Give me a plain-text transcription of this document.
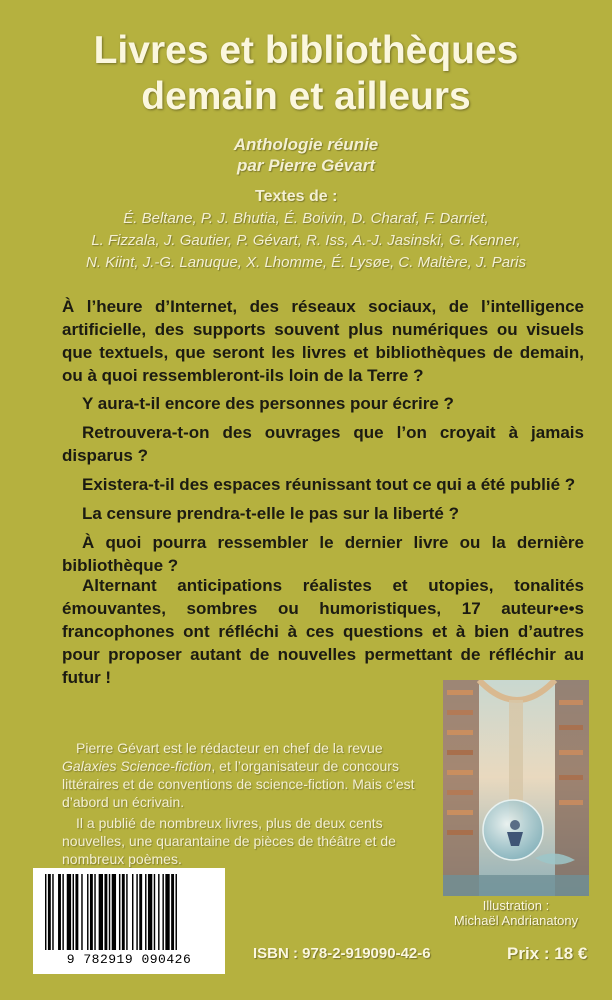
Livres et bibliothèques
demain et ailleurs
Anthologie réunie
par Pierre Gévart
Textes de :
É. Beltane, P. J. Bhutia, É. Boivin, D. Charaf, F. Darriet,
L. Fizzala, J. Gautier, P. Gévart, R. Iss, A.-J. Jasinski, G. Kenner,
N. Kiint, J.-G. Lanuque, X. Lhomme, É. Lysøe, C. Maltère, J. Paris

À l’heure d’Internet, des réseaux sociaux, de l’intelligence artificielle, des supports souvent plus numériques ou visuels que textuels, que seront les livres et bibliothèques de demain, ou à quoi ressembleront-ils loin de la Terre ?

Y aura-t-il encore des personnes pour écrire ?

Retrouvera-t-on des ouvrages que l’on croyait à jamais disparus ?

Existera-t-il des espaces réunissant tout ce qui a été publié ?

La censure prendra-t-elle le pas sur la liberté ?

À quoi pourra ressembler le dernier livre ou la dernière bibliothèque ?

Alternant anticipations réalistes et utopies, tonalités émouvantes, sombres ou humoristiques, 17 auteur•e•s francophones ont réfléchi à ces questions et à bien d’autres pour proposer autant de nouvelles permettant de réfléchir au futur !

Pierre Gévart est le rédacteur en chef de la revue Galaxies Science-fiction, et l’organisateur de concours littéraires et de conventions de science-fiction. Mais c’est d’abord un écrivain.

Il a publié de nombreux livres, plus de deux cents nouvelles, une quarantaine de pièces de théâtre et de nombreux poèmes.

Illustration :
Michaël Andrianatony
9 782919 090426	ISBN : 978-2-919090-42-6	Prix : 18 €
